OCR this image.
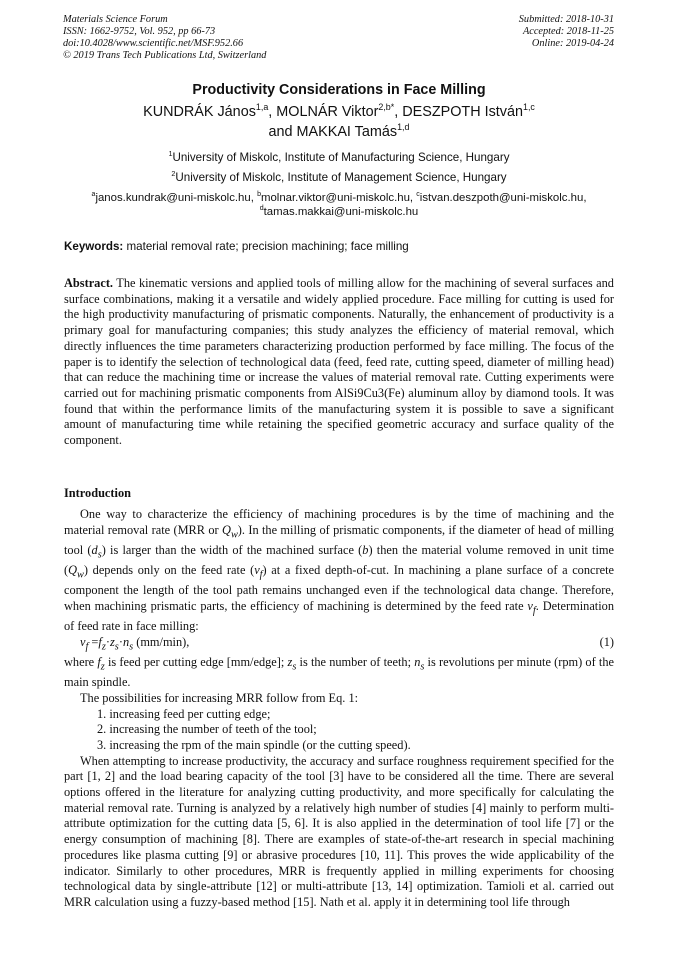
Materials Science Forum
ISSN: 1662-9752, Vol. 952, pp 66-73
doi:10.4028/www.scientific.net/MSF.952.66
© 2019 Trans Tech Publications Ltd, Switzerland
Submitted: 2018-10-31
Accepted: 2018-11-25
Online: 2019-04-24
Productivity Considerations in Face Milling
KUNDRÁK János$^{1,a}$, MOLNÁR Viktor$^{2,b*}$, DESZPOTH István$^{1,c}$
and MAKKAI Tamás$^{1,d}$
$^1$University of Miskolc, Institute of Manufacturing Science, Hungary
$^2$University of Miskolc, Institute of Management Science, Hungary
$^a$janos.kundrak@uni-miskolc.hu, $^b$molnar.viktor@uni-miskolc.hu, $^c$istvan.deszpoth@uni-miskolc.hu,
$^d$tamas.makkai@uni-miskolc.hu
Keywords: material removal rate; precision machining; face milling

Abstract. The kinematic versions and applied tools of milling allow for the machining of several surfaces and surface combinations, making it a versatile and widely applied procedure. Face milling for cutting is used for the high productivity manufacturing of prismatic components. Naturally, the enhancement of productivity is a primary goal for manufacturing companies; this study analyzes the efficiency of material removal, which directly influences the time parameters characterizing production performed by face milling. The focus of the paper is to identify the selection of technological data (feed, feed rate, cutting speed, diameter of milling head) that can reduce the machining time or increase the values of material removal rate. Cutting experiments were carried out for machining prismatic components from AlSi9Cu3(Fe) aluminum alloy by diamond tools. It was found that within the performance limits of the manufacturing system it is possible to save a significant amount of manufacturing time while retaining the specified geometric accuracy and surface quality of the component.

Introduction

One way to characterize the efficiency of machining procedures is by the time of machining and the material removal rate (MRR or $Q_w$). In the milling of prismatic components, if the diameter of head of milling tool $(d_s)$ is larger than the width of the machined surface (b) then the material volume removed in unit time $(Q_w)$ depends only on the feed rate $(v_f)$ at a fixed depth-of-cut. In machining a plane surface of a concrete component the length of the tool path remains unchanged even if the technological data change. Therefore, when machining prismatic parts, the efficiency of machining is determined by the feed rate $v_f$. Determination of feed rate in face milling:

$v_f =f_z\cdot z_s\cdot n_s$ (mm/min),	(1)

where $f_z$ is feed per cutting edge [mm/edge]; $z_s$ is the number of teeth; $n_s$ is revolutions per minute (rpm) of the main spindle.

The possibilities for increasing MRR follow from Eq. 1:

1. increasing feed per cutting edge;
2. increasing the number of teeth of the tool;
3. increasing the rpm of the main spindle (or the cutting speed).

When attempting to increase productivity, the accuracy and surface roughness requirement specified for the part [1, 2] and the load bearing capacity of the tool [3] have to be considered all the time. There are several options offered in the literature for analyzing cutting productivity, and more specifically for calculating the material removal rate. Turning is analyzed by a relatively high number of studies [4] mainly to perform multi-attribute optimization for the cutting data [5, 6]. It is also applied in the determination of tool life [7] or the energy consumption of machining [8]. There are examples of state-of-the-art research in special machining procedures like plasma cutting [9] or abrasive procedures [10, 11]. This proves the wide applicability of the indicator. Similarly to other procedures, MRR is frequently applied in milling experiments for choosing technological data by single-attribute [12] or multi-attribute [13, 14] optimization. Tamioli et al. carried out MRR calculation using a fuzzy-based method [15]. Nath et al. apply it in determining tool life through
